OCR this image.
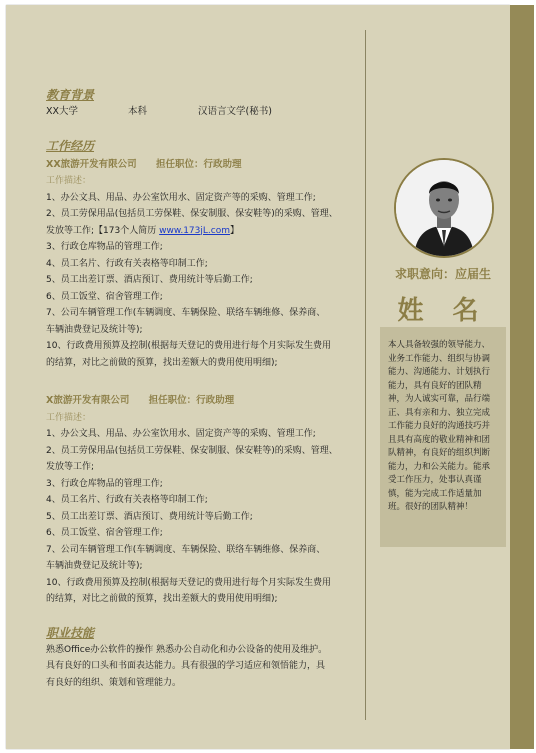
教育背景
XX大学	本科	汉语言文学(秘书)
工作经历
XX旅游开发有限公司 担任职位：行政助理
工作描述：
1、办公文具、用品、办公室饮用水、固定资产等的采购、管理工作;
2、员工劳保用品(包括员工劳保鞋、保安制服、保安鞋等)的采购、管理、
发放等工作;【173个人简历 www.173jL.com】
3、行政仓库物品的管理工作;
4、员工名片、行政有关表格等印制工作;
5、员工出差订票、酒店预订、费用统计等后勤工作;
6、员工饭堂、宿舍管理工作;
7、公司车辆管理工作(车辆调度、车辆保险、联络车辆维修、保养商、
车辆油费登记及统计等);
10、行政费用预算及控制(根据每天登记的费用进行每个月实际发生费用
的结算，对比之前做的预算，找出差额大的费用使用明细);
X旅游开发有限公司 担任职位：行政助理
工作描述：
1、办公文具、用品、办公室饮用水、固定资产等的采购、管理工作;
2、员工劳保用品(包括员工劳保鞋、保安制服、保安鞋等)的采购、管理、
发放等工作;
3、行政仓库物品的管理工作;
4、员工名片、行政有关表格等印制工作;
5、员工出差订票、酒店预订、费用统计等后勤工作;
6、员工饭堂、宿舍管理工作;
7、公司车辆管理工作(车辆调度、车辆保险、联络车辆维修、保养商、
车辆油费登记及统计等);
10、行政费用预算及控制(根据每天登记的费用进行每个月实际发生费用
的结算，对比之前做的预算，找出差额大的费用使用明细);
职业技能
熟悉Office办公软件的操作 熟悉办公自动化和办公设备的使用及维护。
具有良好的口头和书面表达能力。具有很强的学习适应和领悟能力，具
有良好的组织、策划和管理能力。
求职意向：应届生
姓 名
本人具备较强的领导能力、业务工作能力、组织与协调能力、沟通能力、计划执行能力，具有良好的团队精神，为人诚实可靠，品行端正、具有亲和力、独立完成工作能力良好的沟通技巧并且具有高度的敬业精神和团队精神，有良好的组织判断能力，力和公关能力。能承受工作压力，处事认真谨慎，能为完成工作适量加班。很好的团队精神！
